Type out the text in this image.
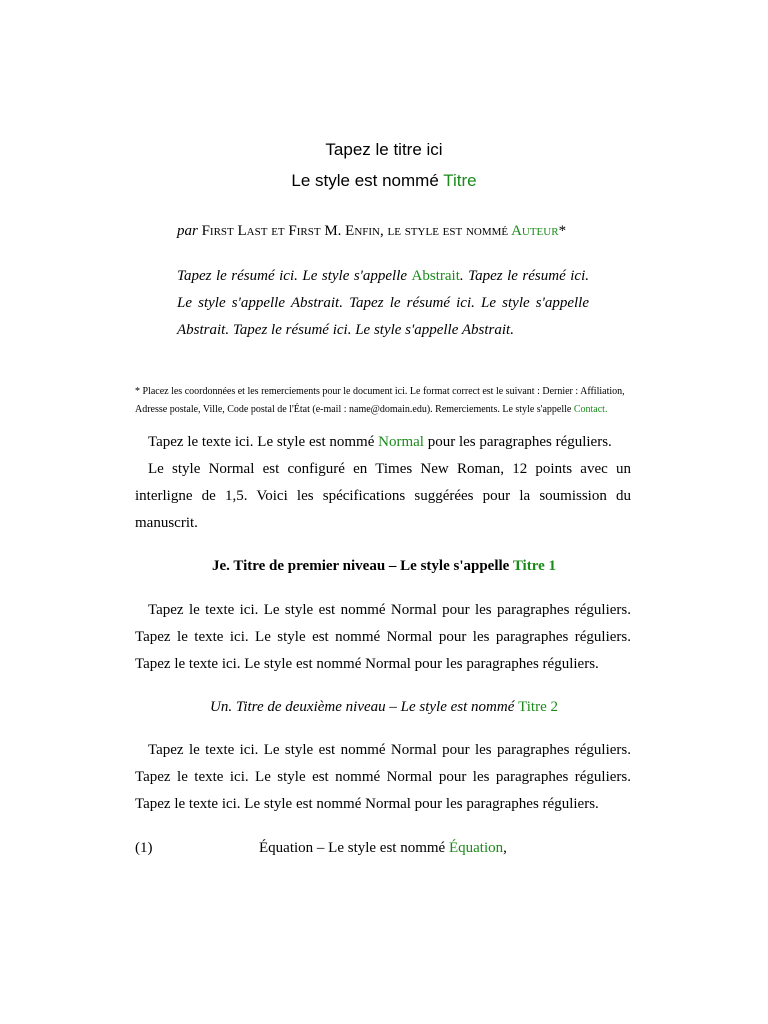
Tapez le titre ici
Le style est nommé Titre
par First Last et First M. Enfin, le style est nommé Auteur*
Tapez le résumé ici. Le style s'appelle Abstrait. Tapez le résumé ici. Le style s'appelle Abstrait. Tapez le résumé ici. Le style s'appelle Abstrait. Tapez le résumé ici. Le style s'appelle Abstrait.
* Placez les coordonnées et les remerciements pour le document ici. Le format correct est le suivant : Dernier : Affiliation, Adresse postale, Ville, Code postal de l'État (e-mail : name@domain.edu). Remerciements. Le style s'appelle Contact.
Tapez le texte ici. Le style est nommé Normal pour les paragraphes réguliers.
Le style Normal est configuré en Times New Roman, 12 points avec un interligne de 1,5. Voici les spécifications suggérées pour la soumission du manuscrit.
Je. Titre de premier niveau – Le style s'appelle Titre 1
Tapez le texte ici. Le style est nommé Normal pour les paragraphes réguliers. Tapez le texte ici. Le style est nommé Normal pour les paragraphes réguliers. Tapez le texte ici. Le style est nommé Normal pour les paragraphes réguliers.
Un. Titre de deuxième niveau – Le style est nommé Titre 2
Tapez le texte ici. Le style est nommé Normal pour les paragraphes réguliers. Tapez le texte ici. Le style est nommé Normal pour les paragraphes réguliers. Tapez le texte ici. Le style est nommé Normal pour les paragraphes réguliers.
(1)	Équation – Le style est nommé Équation,
